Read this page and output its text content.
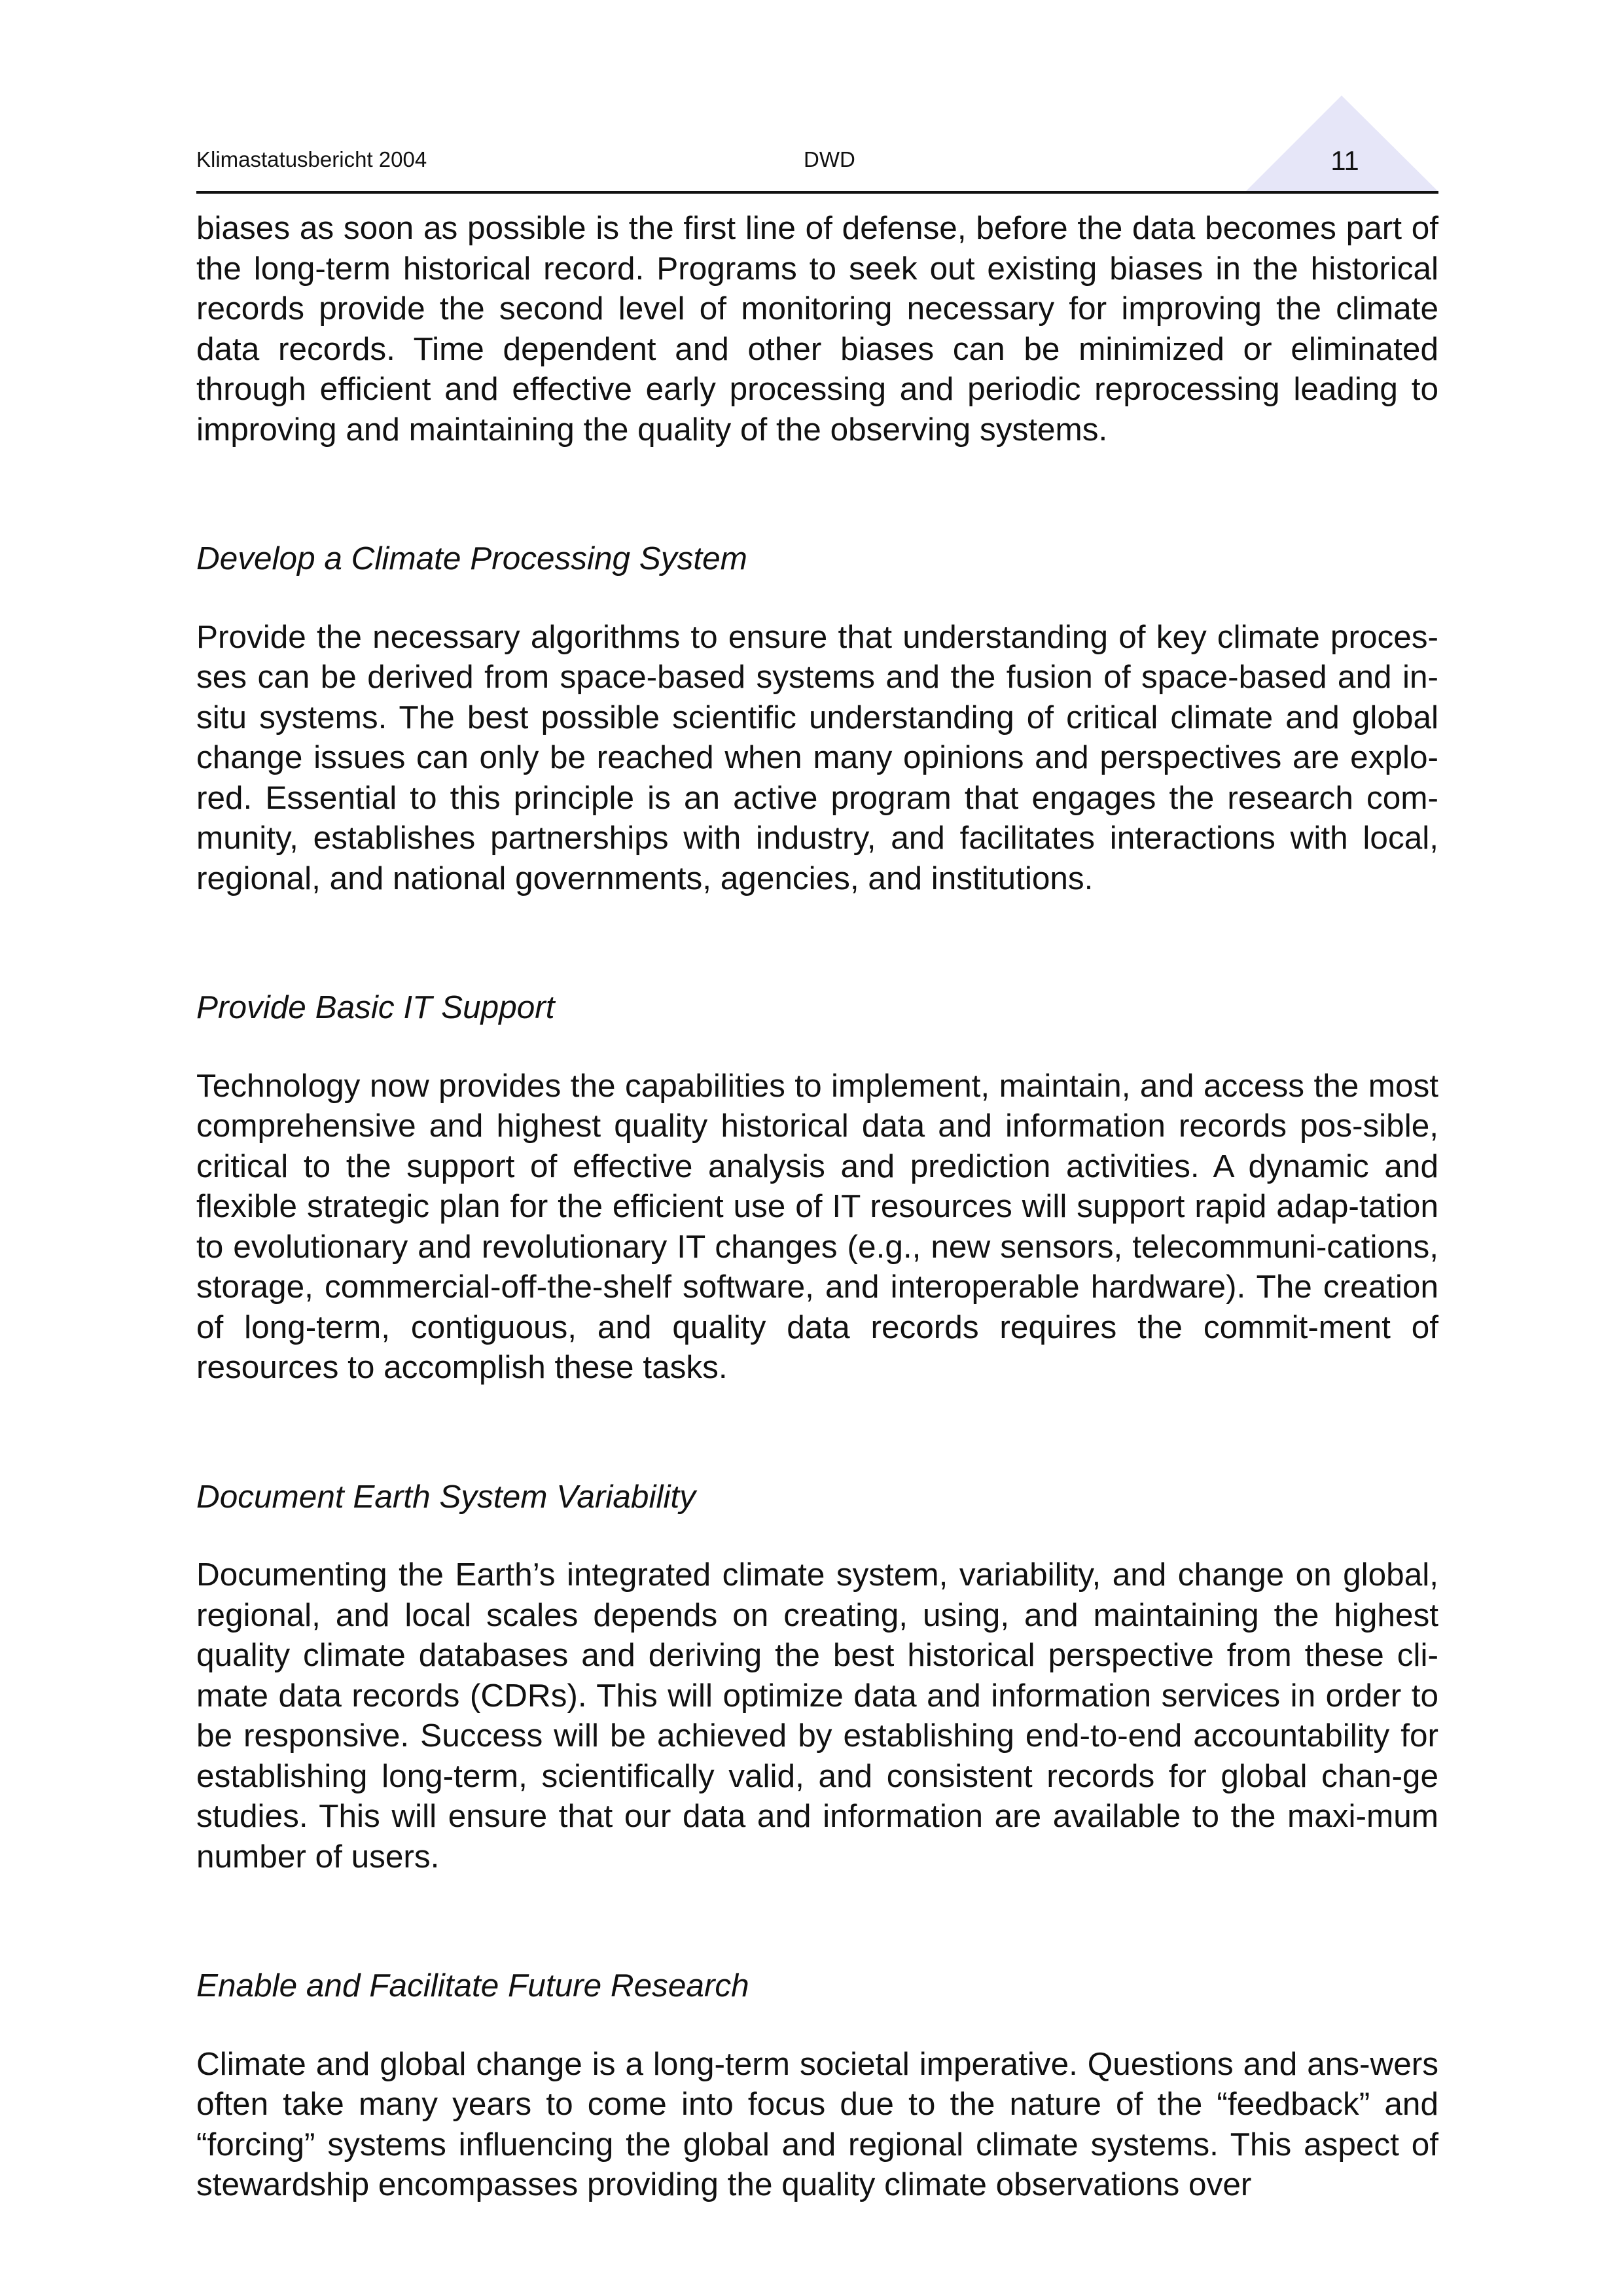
Klimastatusbericht 2004	DWD	11

biases as soon as possible is the first line of defense, before the data becomes part of the long-term historical record. Programs to seek out existing biases in the historical records provide the second level of monitoring necessary for improving the climate data records. Time dependent and other biases can be minimized or eliminated through efficient and effective early processing and periodic reprocessing leading to improving and maintaining the quality of the observing systems.

Develop a Climate Processing System

Provide the necessary algorithms to ensure that understanding of key climate proces-ses can be derived from space-based systems and the fusion of space-based and in-situ systems. The best possible scientific understanding of critical climate and global change issues can only be reached when many opinions and perspectives are explo-red. Essential to this principle is an active program that engages the research com-munity, establishes partnerships with industry, and facilitates interactions with local, regional, and national governments, agencies, and institutions.

Provide Basic IT Support

Technology now provides the capabilities to implement, maintain, and access the most comprehensive and highest quality historical data and information records pos-sible, critical to the support of effective analysis and prediction activities. A dynamic and flexible strategic plan for the efficient use of IT resources will support rapid adap-tation to evolutionary and revolutionary IT changes (e.g., new sensors, telecommuni-cations, storage, commercial-off-the-shelf software, and interoperable hardware). The creation of long-term, contiguous, and quality data records requires the commit-ment of resources to accomplish these tasks.

Document Earth System Variability

Documenting the Earth’s integrated climate system, variability, and change on global, regional, and local scales depends on creating, using, and maintaining the highest quality climate databases and deriving the best historical perspective from these cli-mate data records (CDRs). This will optimize data and information services in order to be responsive. Success will be achieved by establishing end-to-end accountability for establishing long-term, scientifically valid, and consistent records for global chan-ge studies. This will ensure that our data and information are available to the maxi-mum number of users.

Enable and Facilitate Future Research

Climate and global change is a long-term societal imperative. Questions and ans-wers often take many years to come into focus due to the nature of the “feedback” and “forcing” systems influencing the global and regional climate systems. This aspect of stewardship encompasses providing the quality climate observations over
